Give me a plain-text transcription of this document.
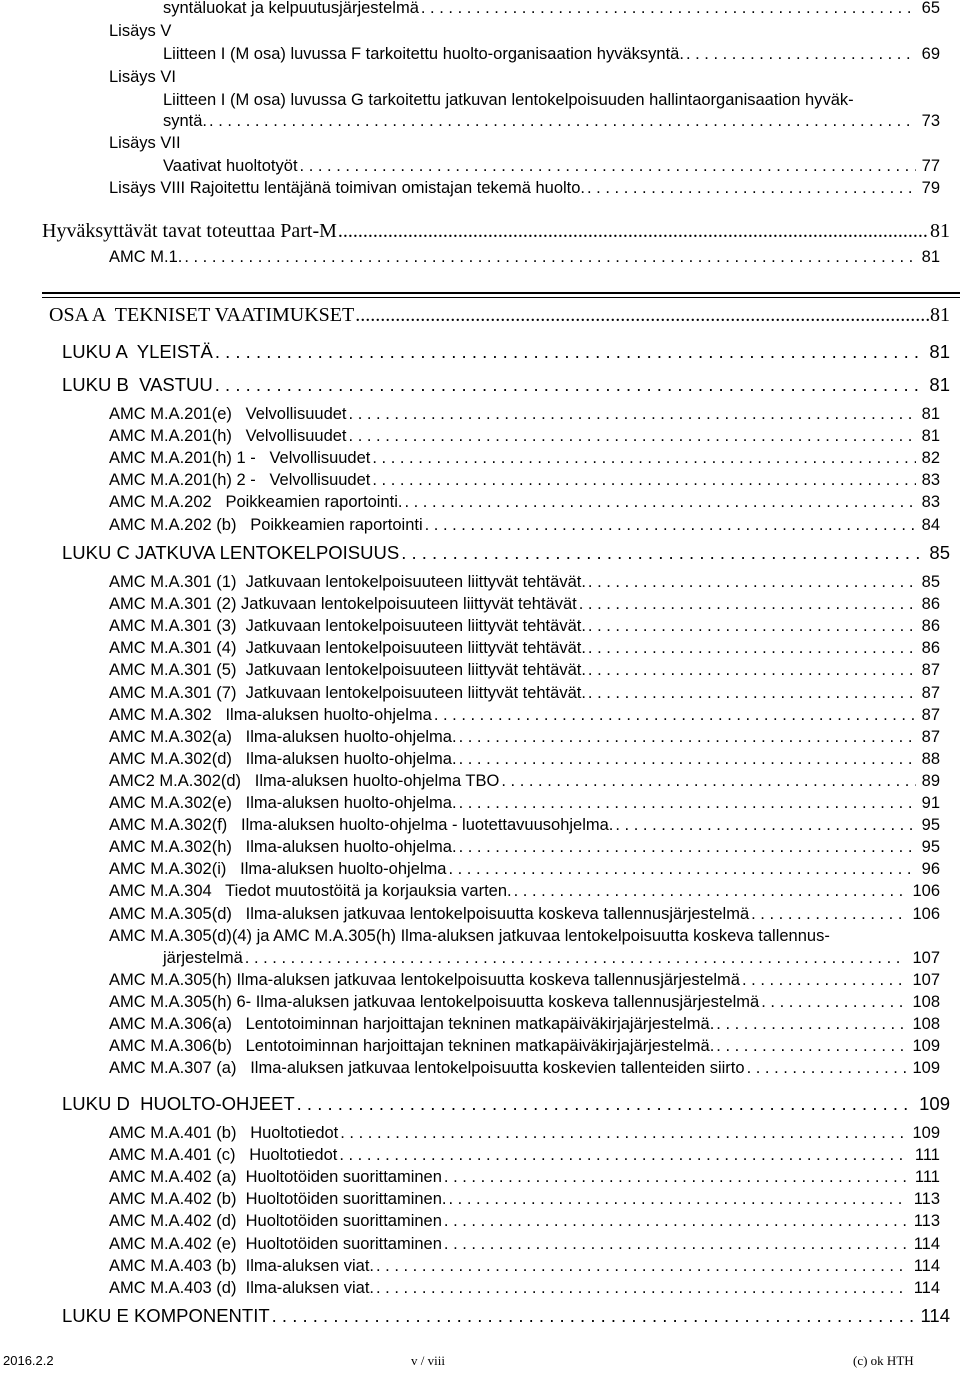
syntäluokat ja kelpuutusjärjestelmä . . .	65
Lisäys V
Liitteen I (M osa) luvussa F tarkoitettu huolto-organisaation hyväksyntä. . . .	69
Lisäys VI
Liitteen I (M osa) luvussa G tarkoitettu jatkuvan lentokelpoisuuden hallintaorganisaation hyväk-
syntä. . . .	73
Lisäys VII
Vaativat huoltotyöt . . .	77
Lisäys VIII Rajoitettu lentäjänä toimivan omistajan tekemä huolto. . . .	79
Hyväksyttävät tavat toteuttaa Part-M .....	81
AMC M.1. . . .	81
OSA A  TEKNISET VAATIMUKSET .....	81
LUKU A  YLEISTÄ . . .	81
LUKU B  VASTUU . . .	81
AMC M.A.201(e)   Velvollisuudet . . .	81
AMC M.A.201(h)   Velvollisuudet . . .	81
AMC M.A.201(h) 1 -   Velvollisuudet . . .	82
AMC M.A.201(h) 2 -   Velvollisuudet . . .	83
AMC M.A.202   Poikkeamien raportointi. . . .	83
AMC M.A.202 (b)   Poikkeamien raportointi . . .	84
LUKU C JATKUVA LENTOKELPOISUUS . . .	85
AMC M.A.301 (1)  Jatkuvaan lentokelpoisuuteen liittyvät tehtävät. . . .	85
AMC M.A.301 (2) Jatkuvaan lentokelpoisuuteen liittyvät tehtävät . . .	86
AMC M.A.301 (3)  Jatkuvaan lentokelpoisuuteen liittyvät tehtävät. . . .	86
AMC M.A.301 (4)  Jatkuvaan lentokelpoisuuteen liittyvät tehtävät. . . .	86
AMC M.A.301 (5)  Jatkuvaan lentokelpoisuuteen liittyvät tehtävät. . . .	87
AMC M.A.301 (7)  Jatkuvaan lentokelpoisuuteen liittyvät tehtävät. . . .	87
AMC M.A.302   Ilma-aluksen huolto-ohjelma . . .	87
AMC M.A.302(a)   Ilma-aluksen huolto-ohjelma. . . .	87
AMC M.A.302(d)   Ilma-aluksen huolto-ohjelma. . . .	88
AMC2 M.A.302(d)   Ilma-aluksen huolto-ohjelma TBO . . .	89
AMC M.A.302(e)   Ilma-aluksen huolto-ohjelma. . . .	91
AMC M.A.302(f)   Ilma-aluksen huolto-ohjelma - luotettavuusohjelma. . . .	95
AMC M.A.302(h)   Ilma-aluksen huolto-ohjelma. . . .	95
AMC M.A.302(i)   Ilma-aluksen huolto-ohjelma . . .	96
AMC M.A.304   Tiedot muutostöitä ja korjauksia varten. . . .	106
AMC M.A.305(d)   Ilma-aluksen jatkuvaa lentokelpoisuutta koskeva tallennusjärjestelmä . . .	106
AMC M.A.305(d)(4) ja AMC M.A.305(h) Ilma-aluksen jatkuvaa lentokelpoisuutta koskeva tallennus-
järjestelmä . . .	107
AMC M.A.305(h) Ilma-aluksen jatkuvaa lentokelpoisuutta koskeva tallennusjärjestelmä . . .	107
AMC M.A.305(h) 6- Ilma-aluksen jatkuvaa lentokelpoisuutta koskeva tallennusjärjestelmä . . .	108
AMC M.A.306(a)   Lentotoiminnan harjoittajan tekninen matkapäiväkirjajärjestelmä. . . .	108
AMC M.A.306(b)   Lentotoiminnan harjoittajan tekninen matkapäiväkirjajärjestelmä. . . .	109
AMC M.A.307 (a)   Ilma-aluksen jatkuvaa lentokelpoisuutta koskevien tallenteiden siirto . . .	109
LUKU D  HUOLTO-OHJEET . . .	109
AMC M.A.401 (b)   Huoltotiedot . . .	109
AMC M.A.401 (c)   Huoltotiedot . . .	111
AMC M.A.402 (a)  Huoltotöiden suorittaminen . . .	111
AMC M.A.402 (b)  Huoltotöiden suorittaminen. . . .	113
AMC M.A.402 (d)  Huoltotöiden suorittaminen . . .	113
AMC M.A.402 (e)  Huoltotöiden suorittaminen . . .	114
AMC M.A.403 (b)  Ilma-aluksen viat. . . .	114
AMC M.A.403 (d)  Ilma-aluksen viat. . . .	114
LUKU E KOMPONENTIT . . .	114
2016.2.2	v / viii	(c) ok HTH
